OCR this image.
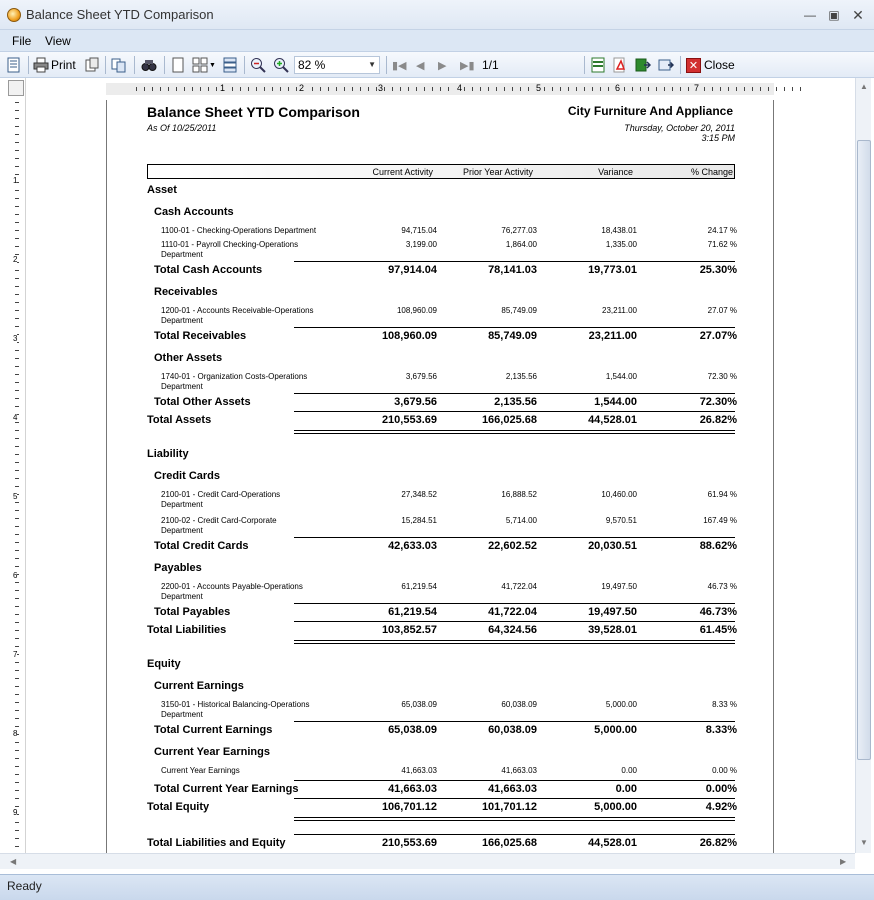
Balance Sheet YTD Comparison	—	▣ ✕
File View
Print	▼	82 %	▼ ▮◀ ◀ ▶ ▶▮ 1/1	✕ Close
1	2	3	4	5	6	7
1
2
3
4
5
6
7
8
9
Balance Sheet YTD Comparison
As Of 10/25/2011
City Furniture And Appliance
Thursday, October 20, 2011
3:15 PM
Current Activity	Prior Year Activity	Variance	% Change
Asset
Cash Accounts
1100-01 - Checking-Operations Department	94,715.04	76,277.03	18,438.01	24.17 %
1110-01 - Payroll Checking-Operations
Department
3,199.00	1,864.00	1,335.00	71.62 %
Total Cash Accounts	97,914.04	78,141.03	19,773.01	25.30%
Receivables
1200-01 - Accounts Receivable-Operations
Department
108,960.09	85,749.09	23,211.00	27.07 %
Total Receivables	108,960.09	85,749.09	23,211.00	27.07%
Other Assets
1740-01 - Organization Costs-Operations
Department
3,679.56	2,135.56	1,544.00	72.30 %
Total Other Assets	3,679.56	2,135.56	1,544.00	72.30%
Total Assets	210,553.69	166,025.68	44,528.01	26.82%
Liability
Credit Cards
2100-01 - Credit Card-Operations
Department
27,348.52	16,888.52	10,460.00	61.94 %
2100-02 - Credit Card-Corporate
Department
15,284.51	5,714.00	9,570.51	167.49 %
Total Credit Cards	42,633.03	22,602.52	20,030.51	88.62%
Payables
2200-01 - Accounts Payable-Operations
Department
61,219.54	41,722.04	19,497.50	46.73 %
Total Payables	61,219.54	41,722.04	19,497.50	46.73%
Total Liabilities	103,852.57	64,324.56	39,528.01	61.45%
Equity
Current Earnings
3150-01 - Historical Balancing-Operations
Department
65,038.09	60,038.09	5,000.00	8.33 %
Total Current Earnings	65,038.09	60,038.09	5,000.00	8.33%
Current Year Earnings
Current Year Earnings	41,663.03	41,663.03	0.00	0.00 %
Total Current Year Earnings	41,663.03	41,663.03	0.00	0.00%
Total Equity	106,701.12	101,701.12	5,000.00	4.92%
Total Liabilities and Equity	210,553.69	166,025.68	44,528.01	26.82%
▲
▼
◀	▶
Ready
